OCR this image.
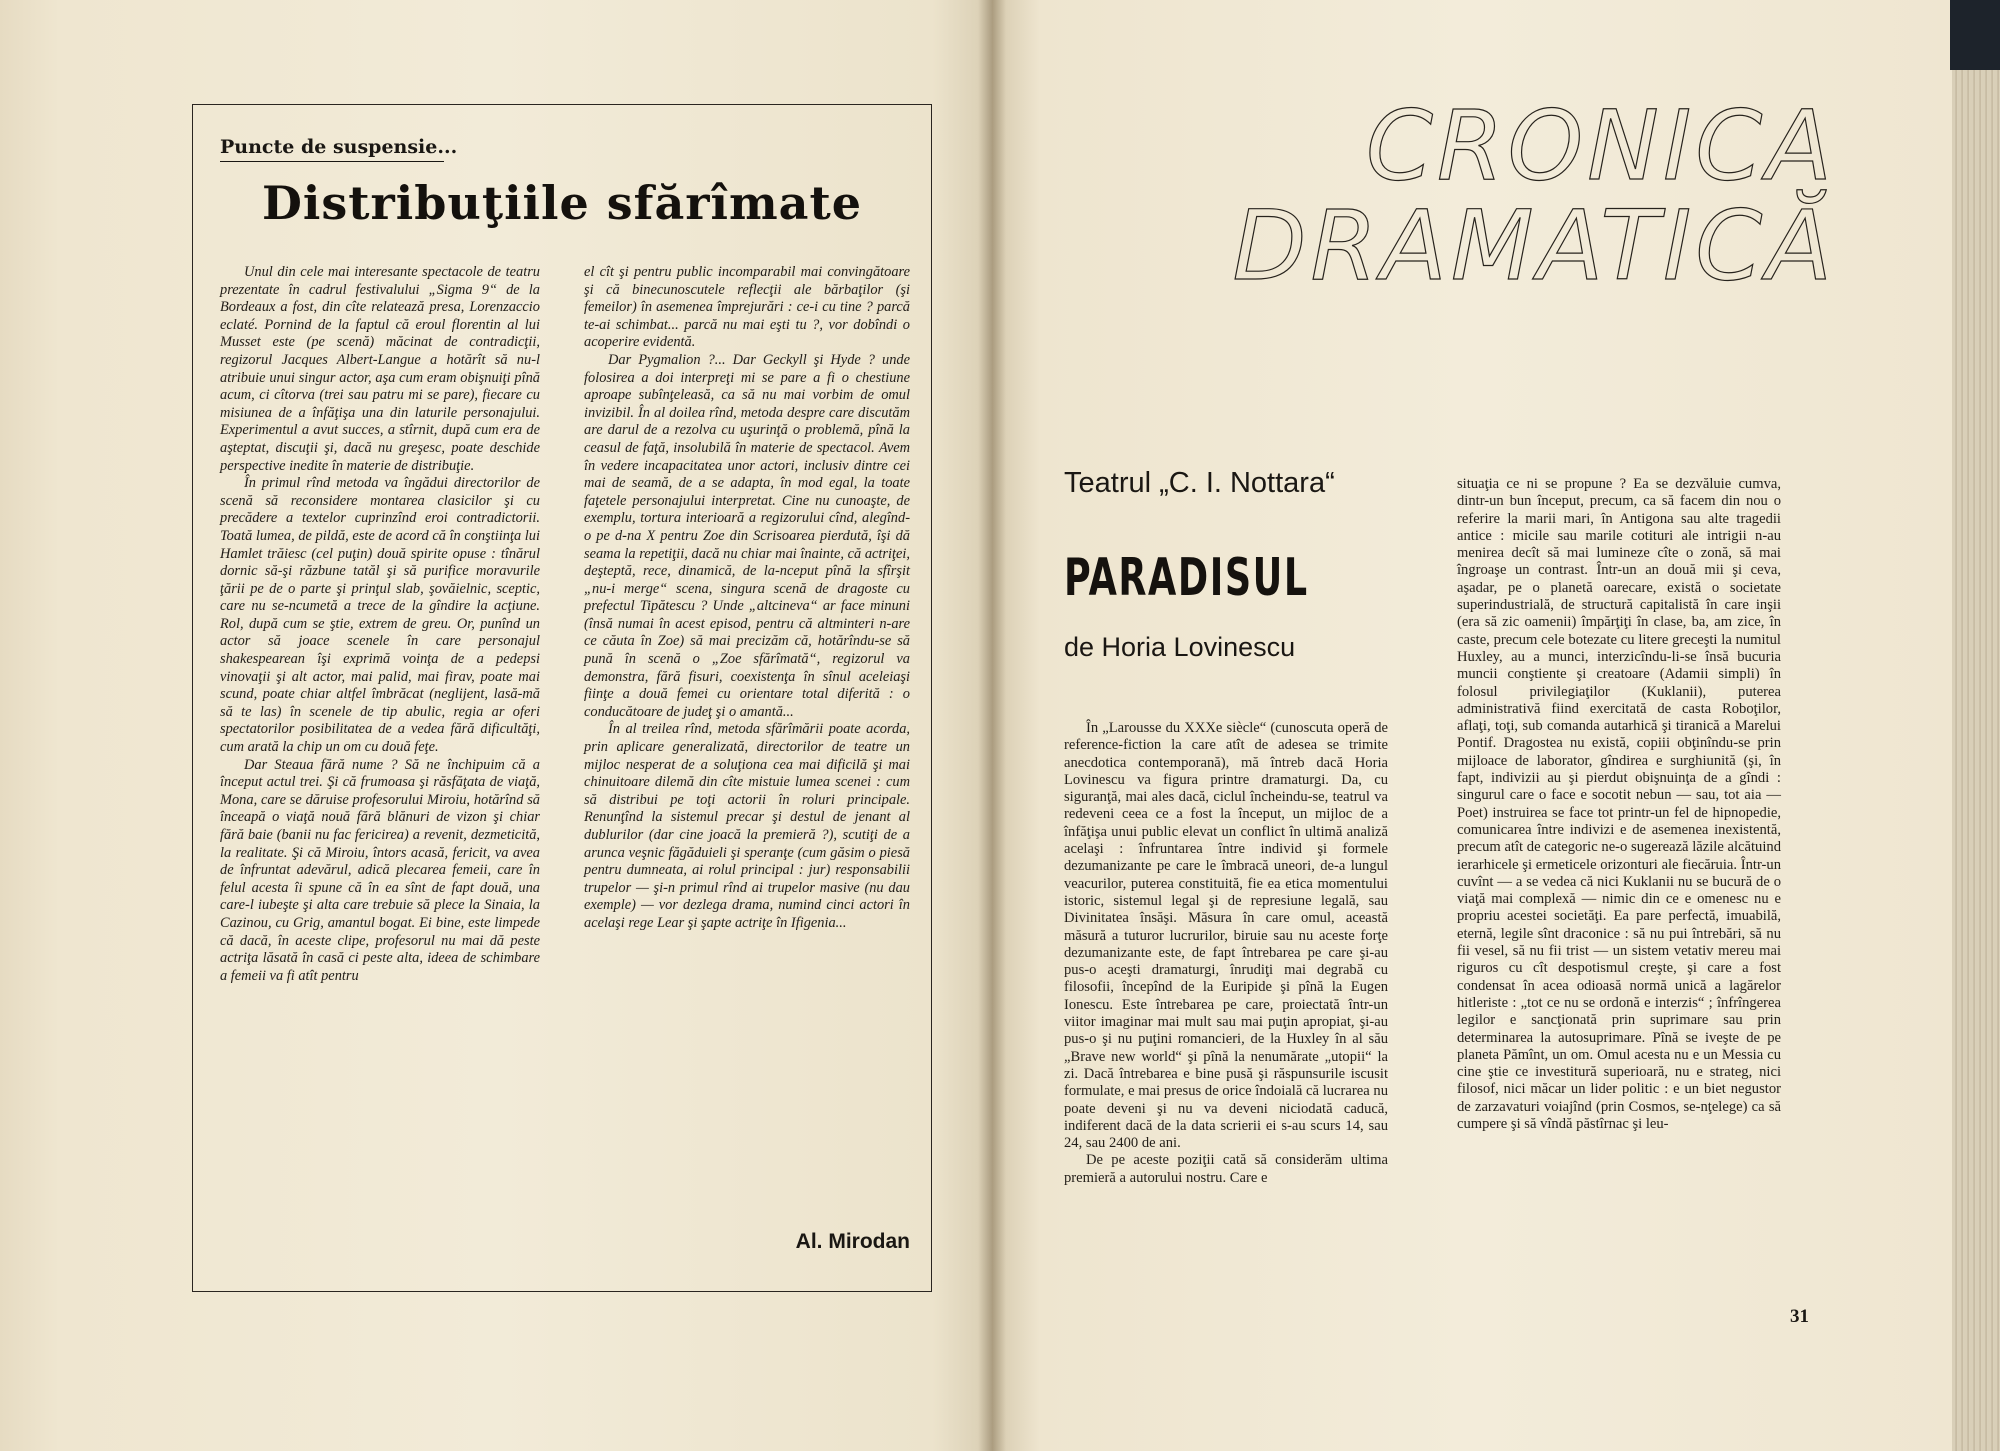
Puncte de suspensie...
Distribuţiile sfărîmate

Unul din cele mai interesante spectacole de teatru prezentate în cadrul festivalului „Sigma 9“ de la Bordeaux a fost, din cîte relatează presa, Lorenzaccio eclaté. Pornind de la faptul că eroul florentin al lui Musset este (pe scenă) măcinat de contradicţii, regizorul Jacques Albert-Langue a hotărît să nu-l atribuie unui singur actor, aşa cum eram obişnuiţi pînă acum, ci cîtorva (trei sau patru mi se pare), fiecare cu misiunea de a înfăţişa una din laturile personajului. Experimentul a avut succes, a stîrnit, după cum era de aşteptat, discuţii şi, dacă nu greşesc, poate deschide perspective inedite în materie de distribuţie.

În primul rînd metoda va îngădui directorilor de scenă să reconsidere montarea clasicilor şi cu precădere a textelor cuprinzînd eroi contradictorii. Toată lumea, de pildă, este de acord că în conştiinţa lui Hamlet trăiesc (cel puţin) două spirite opuse : tînărul dornic să-şi răzbune tatăl şi să purifice moravurile ţării pe de o parte şi prinţul slab, şovăielnic, sceptic, care nu se-ncumetă a trece de la gîndire la acţiune. Rol, după cum se ştie, extrem de greu. Or, punînd un actor să joace scenele în care personajul shakespearean îşi exprimă voinţa de a pedepsi vinovaţii şi alt actor, mai palid, mai firav, poate mai scund, poate chiar altfel îmbrăcat (neglijent, lasă-mă să te las) în scenele de tip abulic, regia ar oferi spectatorilor posibilitatea de a vedea fără dificultăţi, cum arată la chip un om cu două feţe.

Dar Steaua fără nume ? Să ne închipuim că a început actul trei. Şi că frumoasa şi răsfăţata de viaţă, Mona, care se dăruise profesorului Miroiu, hotărînd să înceapă o viaţă nouă fără blănuri de vizon şi chiar fără baie (banii nu fac fericirea) a revenit, dezmeticită, la realitate. Şi că Miroiu, întors acasă, fericit, va avea de înfruntat adevărul, adică plecarea femeii, care în felul acesta îi spune că în ea sînt de fapt două, una care-l iubeşte şi alta care trebuie să plece la Sinaia, la Cazinou, cu Grig, amantul bogat. Ei bine, este limpede că dacă, în aceste clipe, profesorul nu mai dă peste actriţa lăsată în casă ci peste alta, ideea de schimbare a femeii va fi atît pentru

el cît şi pentru public incomparabil mai convingătoare şi că binecunoscutele reflecţii ale bărbaţilor (şi femeilor) în asemenea împrejurări : ce-i cu tine ? parcă te-ai schimbat... parcă nu mai eşti tu ?, vor dobîndi o acoperire evidentă.

Dar Pygmalion ?... Dar Geckyll şi Hyde ? unde folosirea a doi interpreţi mi se pare a fi o chestiune aproape subînţeleasă, ca să nu mai vorbim de omul invizibil. În al doilea rînd, metoda despre care discutăm are darul de a rezolva cu uşurinţă o problemă, pînă la ceasul de faţă, insolubilă în materie de spectacol. Avem în vedere incapacitatea unor actori, inclusiv dintre cei mai de seamă, de a se adapta, în mod egal, la toate faţetele personajului interpretat. Cine nu cunoaşte, de exemplu, tortura interioară a regizorului cînd, alegînd-o pe d-na X pentru Zoe din Scrisoarea pierdută, îşi dă seama la repetiţii, dacă nu chiar mai înainte, că actriţei, deşteptă, rece, dinamică, de la-nceput pînă la sfîrşit „nu-i merge“ scena, singura scenă de dragoste cu prefectul Tipătescu ? Unde „altcineva“ ar face minuni (însă numai în acest episod, pentru că altminteri n-are ce căuta în Zoe) să mai precizăm că, hotărîndu-se să pună în scenă o „Zoe sfărîmată“, regizorul va demonstra, fără fisuri, coexistenţa în sînul aceleiaşi fiinţe a două femei cu orientare total diferită : o conducătoare de judeţ şi o amantă...

În al treilea rînd, metoda sfărîmării poate acorda, prin aplicare generalizată, directorilor de teatre un mijloc nesperat de a soluţiona cea mai dificilă şi mai chinuitoare dilemă din cîte mistuie lumea scenei : cum să distribui pe toţi actorii în roluri principale. Renunţînd la sistemul precar şi destul de jenant al dublurilor (dar cine joacă la premieră ?), scutiţi de a arunca veşnic făgăduieli şi speranţe (cum găsim o piesă pentru dumneata, ai rolul principal : jur) responsabilii trupelor — şi-n primul rînd ai trupelor masive (nu dau exemple) — vor dezlega drama, numind cinci actori în acelaşi rege Lear şi şapte actriţe în Ifigenia...

Al. Mirodan
CRONICA
DRAMATICĂ
Teatrul „C. I. Nottara“
PARADISUL
de Horia Lovinescu

În „Larousse du XXXe siècle“ (cunoscuta operă de reference-fiction la care atît de adesea se trimite anecdotica contemporană), mă întreb dacă Horia Lovinescu va figura printre dramaturgi. Da, cu siguranţă, mai ales dacă, ciclul încheindu-se, teatrul va redeveni ceea ce a fost la început, un mijloc de a înfăţişa unui public elevat un conflict în ultimă analiză acelaşi : înfruntarea între individ şi formele dezumanizante pe care le îmbracă uneori, de-a lungul veacurilor, puterea constituită, fie ea etica momentului istoric, sistemul legal şi de represiune legală, sau Divinitatea însăşi. Măsura în care omul, această măsură a tuturor lucrurilor, biruie sau nu aceste forţe dezumanizante este, de fapt întrebarea pe care şi-au pus-o aceşti dramaturgi, înrudiţi mai degrabă cu filosofii, începînd de la Euripide şi pînă la Eugen Ionescu. Este întrebarea pe care, proiectată într-un viitor imaginar mai mult sau mai puţin apropiat, şi-au pus-o şi nu puţini romancieri, de la Huxley în al său „Brave new world“ şi pînă la nenumărate „utopii“ la zi. Dacă întrebarea e bine pusă şi răspunsurile iscusit formulate, e mai presus de orice îndoială că lucrarea nu poate deveni şi nu va deveni niciodată caducă, indiferent dacă de la data scrierii ei s-au scurs 14, sau 24, sau 2400 de ani.

De pe aceste poziţii cată să considerăm ultima premieră a autorului nostru. Care e

situaţia ce ni se propune ? Ea se dezvăluie cumva, dintr-un bun început, precum, ca să facem din nou o referire la marii mari, în Antigona sau alte tragedii antice : micile sau marile cotituri ale intrigii n-au menirea decît să mai lumineze cîte o zonă, să mai îngroaşe un contrast. Într-un an două mii şi ceva, aşadar, pe o planetă oarecare, există o societate superindustrială, de structură capitalistă în care inşii (era să zic oamenii) împărţiţi în clase, ba, am zice, în caste, precum cele botezate cu litere greceşti la numitul Huxley, au a munci, interzicîndu-li-se însă bucuria muncii conştiente şi creatoare (Adamii simpli) în folosul privilegiaţilor (Kuklanii), puterea administrativă fiind exercitată de casta Roboţilor, aflaţi, toţi, sub comanda autarhică şi tiranică a Marelui Pontif. Dragostea nu există, copiii obţinîndu-se prin mijloace de laborator, gîndirea e surghiunită (şi, în fapt, indivizii au şi pierdut obişnuinţa de a gîndi : singurul care o face e socotit nebun — sau, tot aia — Poet) instruirea se face tot printr-un fel de hipnopedie, comunicarea între indivizi e de asemenea inexistentă, precum atît de categoric ne-o sugerează lăzile alcătuind ierarhicele şi ermeticele orizonturi ale fiecăruia. Într-un cuvînt — a se vedea că nici Kuklanii nu se bucură de o viaţă mai complexă — nimic din ce e omenesc nu e propriu acestei societăţi. Ea pare perfectă, imuabilă, eternă, legile sînt draconice : să nu pui întrebări, să nu fii vesel, să nu fii trist — un sistem vetativ mereu mai riguros cu cît despotismul creşte, şi care a fost condensat în acea odioasă normă unică a lagărelor hitleriste : „tot ce nu se ordonă e interzis“ ; înfrîngerea legilor e sancţionată prin suprimare sau prin determinarea la autosuprimare. Pînă se iveşte de pe planeta Pămînt, un om. Omul acesta nu e un Messia cu cine ştie ce investitură superioară, nu e strateg, nici filosof, nici măcar un lider politic : e un biet negustor de zarzavaturi voiajînd (prin Cosmos, se-nţelege) ca să cumpere şi să vîndă păstîrnac şi leu-

31
